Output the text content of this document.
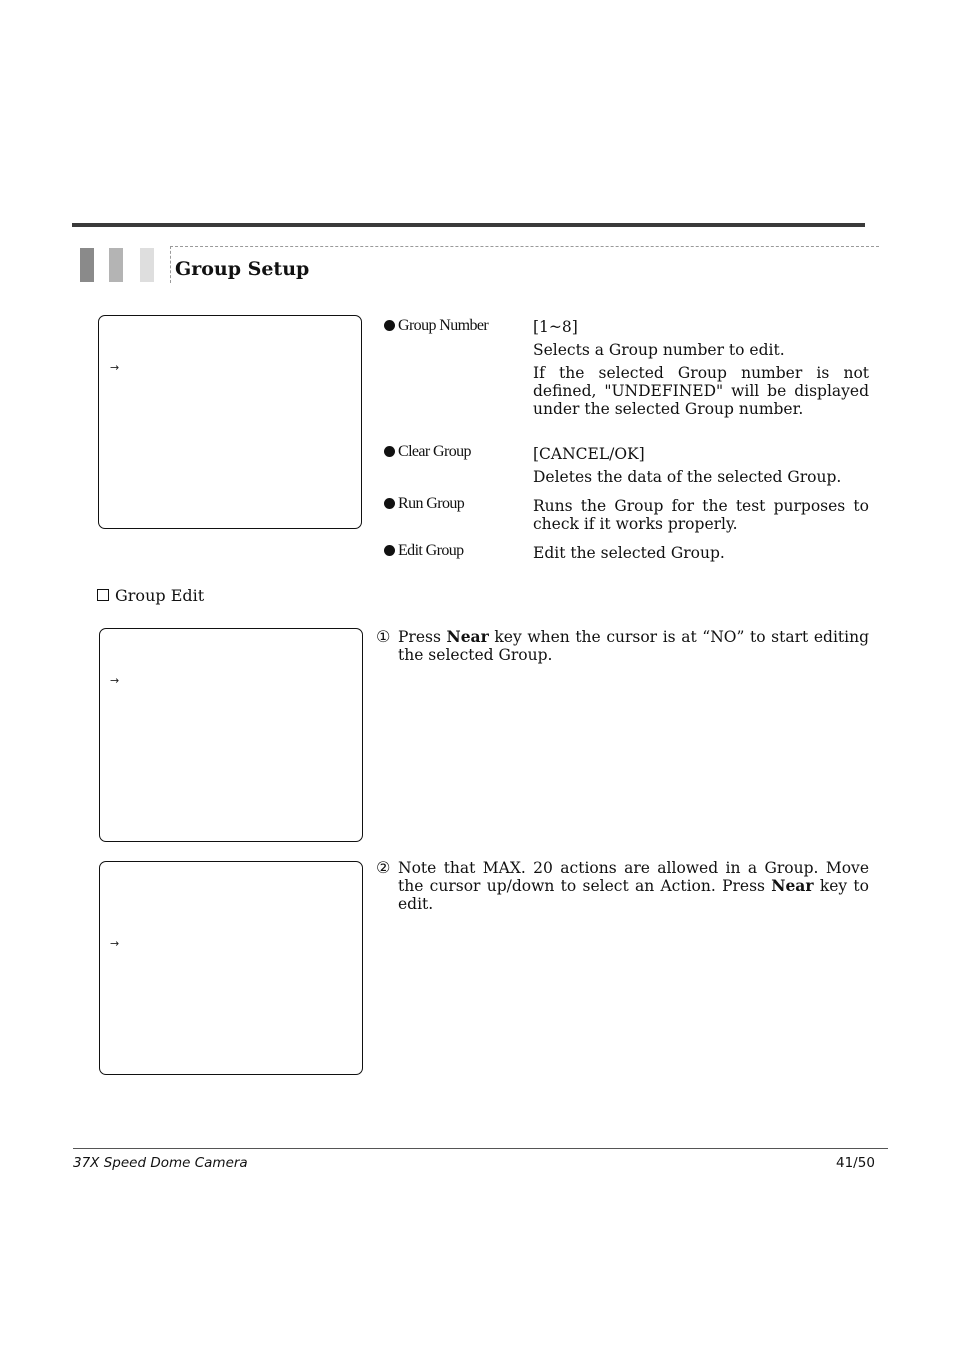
Group Setup
→
Group Number	[1~8]

Selects a Group number to edit.

If the selected Group number is not defined, "UNDEFINED" will be displayed under the selected Group number.

Clear Group	[CANCEL/OK]

Deletes the data of the selected Group.

Run Group	Runs the Group for the test purposes to check if it works properly.

Edit Group	Edit the selected Group.

Group Edit
→
① Press Near key when the cursor is at “NO” to start editing the selected Group.
→
② Note that MAX. 20 actions are allowed in a Group. Move the cursor up/down to select an Action. Press Near key to edit.
37X Speed Dome Camera	41/50
